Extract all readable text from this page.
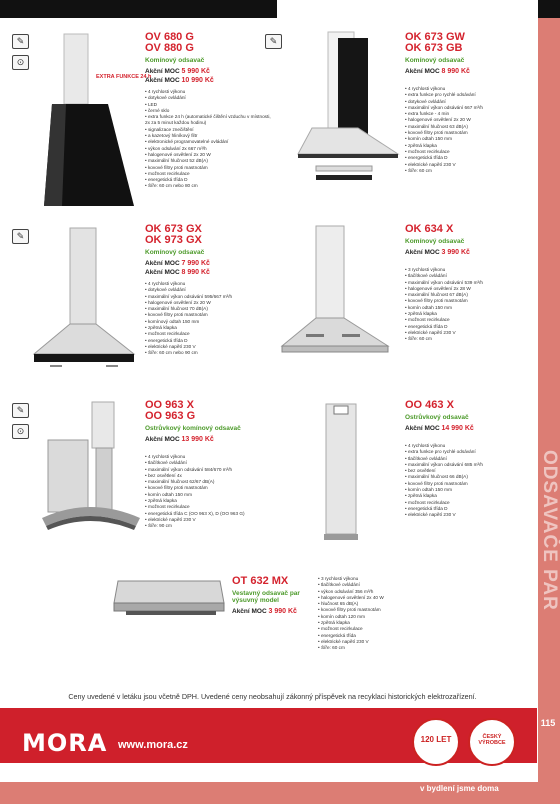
ODSAVAČE PAR
✎
⊙
EXTRA FUNKCE 24 h
OV 680 G
OV 880 G
Komínový odsavač
Akční MOC 5 990 Kč
Akční MOC 10 990 Kč
• 4 rychlosti výkonu
• dotykové ovládání
• LED
• černé sklo
• extra funkce 24 h (automatické čištění vzduchu v místnosti, 2x za 5 minut každou hodinu)
• signalizace znečištění
• a kazetový hliníkový filtr
• elektronické programovatelné ovládání
• výkon odsávání 2x 667 m³/h
• halogenové osvětlení 2x 20 W
• maximální hlučnost 52 dB(A)
• kovové filtry proti mastnotám
• možnost recirkulace
• energetická třída D
• Šíře: 60 cm nebo 80 cm
✎	OK 673 GW
OK 673 GB
Komínový odsavač
Akční MOC 8 990 Kč
• 4 rychlosti výkonu
• extra funkce pro rychlé odsávání
• dotykové ovládání
• maximální výkon odsávání 667 m³/h
• extra funkce - 4 min
• halogenové osvětlení 2x 20 W
• maximální hlučnost 63 dB(A)
• kovové filtry proti mastnotám
• komín odtah 150 mm
• zpětná klapka
• možnost recirkulace
• energetická třída D
• elektrické napětí 230 V
• Šíře: 60 cm
✎
OK 673 GX
OK 973 GX
Komínový odsavač
Akční MOC 7 990 Kč
Akční MOC 8 990 Kč
• 4 rychlosti výkonu
• dotykové ovládání
• maximální výkon odsávání 595/667 m³/h
• halogenové osvětlení 2x 20 W
• maximální hlučnost 70 dB(A)
• kovové filtry proti mastnotám
• komínový odtah 150 mm
• zpětná klapka
• možnost recirkulace
• energetická třída D
• elektrické napětí 230 V
• Šíře: 60 cm nebo 90 cm
OK 634 X
Komínový odsavač
Akční MOC 3 990 Kč
• 3 rychlosti výkonu
• tlačítkové ovládání
• maximální výkon odsávání 539 m³/h
• halogenové osvětlení 2x 28 W
• maximální hlučnost 67 dB(A)
• kovové filtry proti mastnotám
• komín odtah 150 mm
• zpětná klapka
• možnost recirkulace
• energetická třída D
• elektrické napětí 230 V
• Šíře: 60 cm
✎
⊙
OO 963 X
OO 963 G
Ostrůvkový komínový odsavač
Akční MOC 13 990 Kč
• 4 rychlosti výkonu
• tlačítkové ovládání
• maximální výkon odsávání 584/670 m³/h
• bez osvětlení 4x
• maximální hlučnost 62/67 dB(A)
• kovové filtry proti mastnotám
• komín odtah 150 mm
• zpětná klapka
• možnost recirkulace
• energetická třída C (OO 963 X), D (OO 963 G)
• elektrické napětí 230 V
• Šíře: 90 cm
OO 463 X
Ostrůvkový odsavač
Akční MOC 14 990 Kč
• 4 rychlosti výkonu
• extra funkce pro rychlé odsávání
• tlačítkové ovládání
• maximální výkon odsávání 685 m³/h
• bez osvětlení
• maximální hlučnost 66 dB(A)
• kovové filtry proti mastnotám
• komín odtah 150 mm
• zpětná klapka
• možnost recirkulace
• energetická třída D
• elektrické napětí 230 V
OT 632 MX
Vestavný odsavač par výsuvný model
Akční MOC 3 990 Kč
• 3 rychlosti výkonu
• tlačítkové ovládání
• výkon odsávání 356 m³/h
• halogenové osvětlení 2x 40 W
• hlučnost 65 dB(A)
• kovové filtry proti mastnotám
• komín odtah 120 mm
• zpětná klapka
• možnost recirkulace
• energetická třída
• elektrické napětí 230 V
• Šíře: 60 cm
Ceny uvedené v letáku jsou včetně DPH. Uvedené ceny neobsahují zákonný příspěvek na recyklaci historických elektrozařízení.
MORA www.mora.cz	120 LET	ČESKÝ VÝROBCE
v bydlení jsme doma
115
